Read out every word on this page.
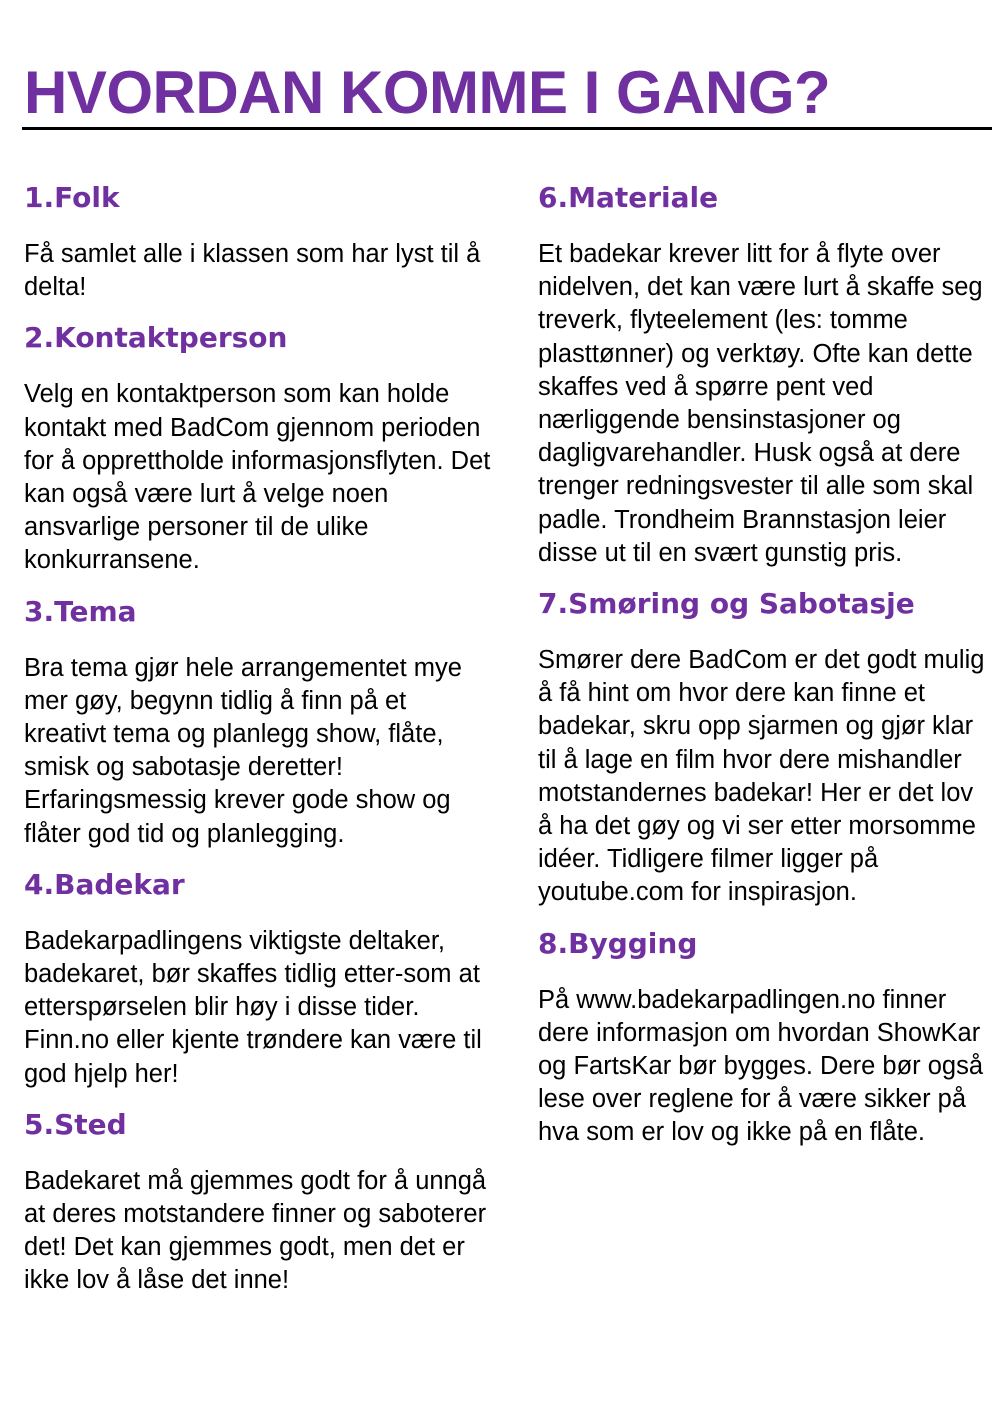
HVORDAN KOMME I GANG?
1.Folk

Få samlet alle i klassen som har lyst til å delta!

2.Kontaktperson

Velg en kontaktperson som kan holde kontakt med BadCom gjennom perioden for å opprettholde informasjonsflyten. Det kan også være lurt å velge noen ansvarlige personer til de ulike konkurransene.

3.Tema

Bra tema gjør hele arrangementet mye mer gøy, begynn tidlig å finn på et kreativt tema og planlegg show, flåte, smisk og sabotasje deretter! Erfaringsmessig krever gode show og flåter god tid og planlegging.

4.Badekar

Badekarpadlingens viktigste deltaker, badekaret, bør skaffes tidlig etter-som at etterspørselen blir høy i disse tider. Finn.no eller kjente trøndere kan være til god hjelp her!

5.Sted

Badekaret må gjemmes godt for å unngå at deres motstandere finner og saboterer det! Det kan gjemmes godt, men det er ikke lov å låse det inne!

6.Materiale

Et badekar krever litt for å flyte over nidelven, det kan være lurt å skaffe seg treverk, flyteelement (les: tomme plasttønner) og verktøy. Ofte kan dette skaffes ved å spørre pent ved nærliggende bensinstasjoner og dagligvarehandler. Husk også at dere trenger redningsvester til alle som skal padle. Trondheim Brannstasjon leier disse ut til en svært gunstig pris.

7.Smøring og Sabotasje

Smører dere BadCom er det godt mulig å få hint om hvor dere kan finne et badekar, skru opp sjarmen og gjør klar til å lage en film hvor dere mishandler motstandernes badekar! Her er det lov å ha det gøy og vi ser etter morsomme idéer. Tidligere filmer ligger på youtube.com for inspirasjon.

8.Bygging

På www.badekarpadlingen.no finner dere informasjon om hvordan ShowKar og FartsKar bør bygges. Dere bør også lese over reglene for å være sikker på hva som er lov og ikke på en flåte.
